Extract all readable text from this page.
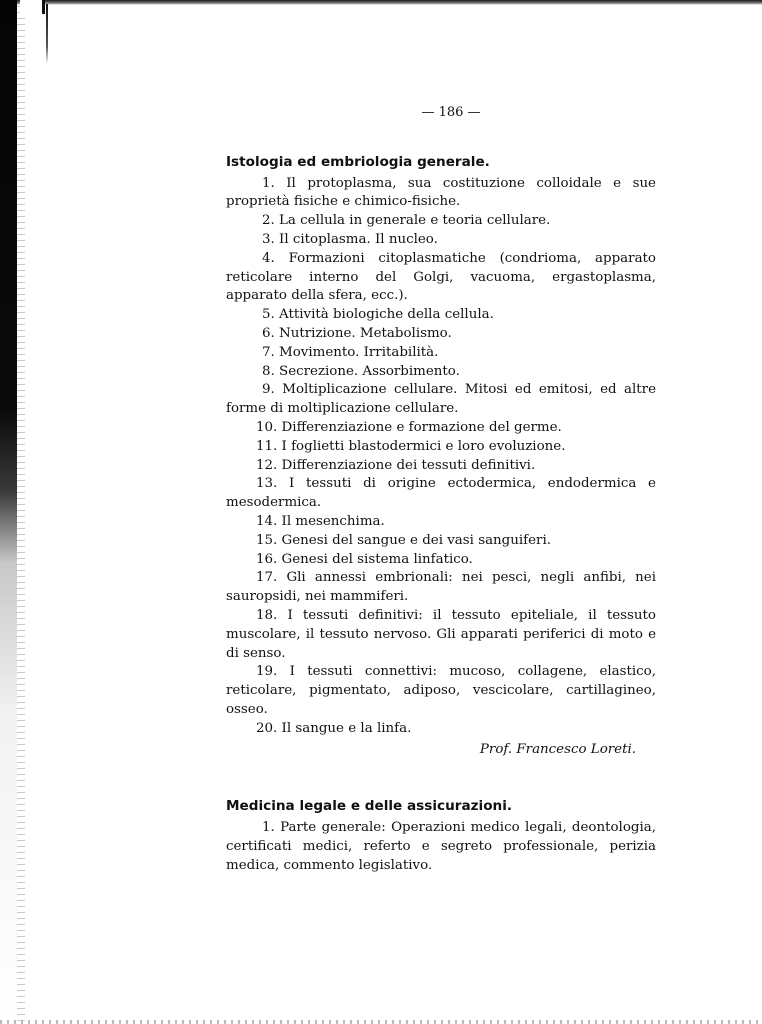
— 186 —
Istologia ed embriologia generale.

1. Il protoplasma, sua costituzione colloidale e sue proprietà fisiche e chimico-fisiche.

2. La cellula in generale e teoria cellulare.

3. Il citoplasma. Il nucleo.

4. Formazioni citoplasmatiche (condrioma, apparato reticolare interno del Golgi, vacuoma, ergastoplasma, apparato della sfera, ecc.).

5. Attività biologiche della cellula.

6. Nutrizione. Metabolismo.

7. Movimento. Irritabilità.

8. Secrezione. Assorbimento.

9. Moltiplicazione cellulare. Mitosi ed emitosi, ed altre forme di moltiplicazione cellulare.

10. Differenziazione e formazione del germe.

11. I foglietti blastodermici e loro evoluzione.

12. Differenziazione dei tessuti definitivi.

13. I tessuti di origine ectodermica, endodermica e mesodermica.

14. Il mesenchima.

15. Genesi del sangue e dei vasi sanguiferi.

16. Genesi del sistema linfatico.

17. Gli annessi embrionali: nei pesci, negli anfibi, nei sauropsidi, nei mammiferi.

18. I tessuti definitivi: il tessuto epiteliale, il tessuto muscolare, il tessuto nervoso. Gli apparati periferici di moto e di senso.

19. I tessuti connettivi: mucoso, collagene, elastico, reticolare, pigmentato, adiposo, vescicolare, cartillagineo, osseo.

20. Il sangue e la linfa.

Prof. Francesco Loreti.

Medicina legale e delle assicurazioni.

1. Parte generale: Operazioni medico legali, deontologia, certificati medici, referto e segreto professionale, perizia medica, commento legislativo.
